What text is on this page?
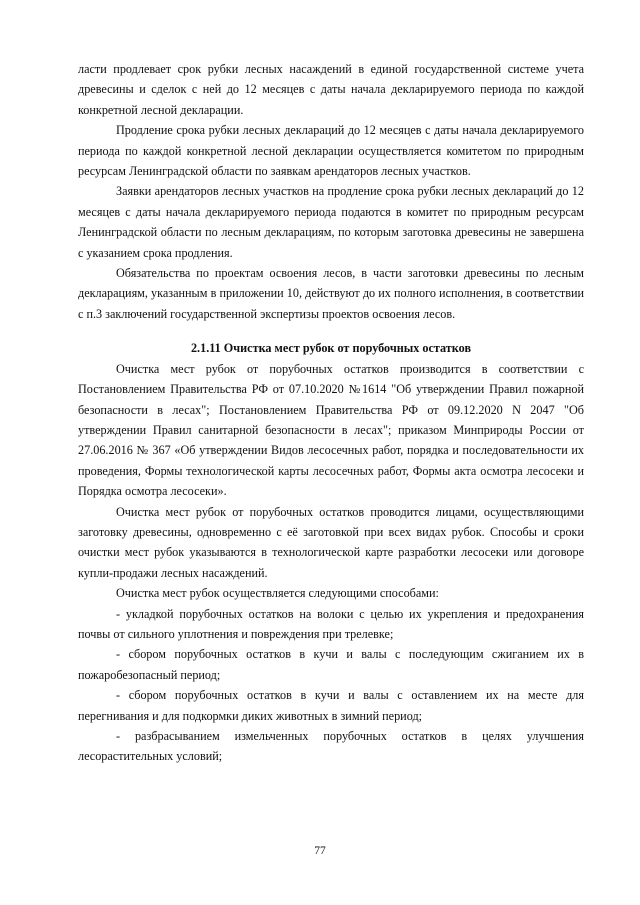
ласти продлевает срок рубки лесных насаждений в единой государственной системе учета древесины и сделок с ней до 12 месяцев с даты начала декларируемого периода по каждой конкретной лесной декларации.

Продление срока рубки лесных деклараций до 12 месяцев с даты начала декларируемого периода по каждой конкретной лесной декларации осуществляется комитетом по природным ресурсам Ленинградской области по заявкам арендаторов лесных участков.

Заявки арендаторов лесных участков на продление срока рубки лесных деклараций до 12 месяцев с даты начала декларируемого периода подаются в комитет по природным ресурсам Ленинградской области по лесным декларациям, по которым заготовка древесины не завершена с указанием срока продления.

Обязательства по проектам освоения лесов, в части заготовки древесины по лесным декларациям, указанным в приложении 10, действуют до их полного исполнения, в соответствии с п.3 заключений государственной экспертизы проектов освоения лесов.

2.1.11 Очистка мест рубок от порубочных остатков

Очистка мест рубок от порубочных остатков производится в соответствии с Постановлением Правительства РФ от 07.10.2020 №1614 "Об утверждении Правил пожарной безопасности в лесах"; Постановлением Правительства РФ от 09.12.2020 N 2047 "Об утверждении Правил санитарной безопасности в лесах"; приказом Минприроды России от 27.06.2016 № 367 «Об утверждении Видов лесосечных работ, порядка и последовательности их проведения, Формы технологической карты лесосечных работ, Формы акта осмотра лесосеки и Порядка осмотра лесосеки».

Очистка мест рубок от порубочных остатков проводится лицами, осуществляющими заготовку древесины, одновременно с её заготовкой при всех видах рубок. Способы и сроки очистки мест рубок указываются в технологической карте разработки лесосеки или договоре купли-продажи лесных насаждений.

Очистка мест рубок осуществляется следующими способами:

- укладкой порубочных остатков на волоки с целью их укрепления и предохранения почвы от сильного уплотнения и повреждения при трелевке;

- сбором порубочных остатков в кучи и валы с последующим сжиганием их в пожаробезопасный период;

- сбором порубочных остатков в кучи и валы с оставлением их на месте для перегнивания и для подкормки диких животных в зимний период;

- разбрасыванием измельченных порубочных остатков в целях улучшения лесорастительных условий;

77
